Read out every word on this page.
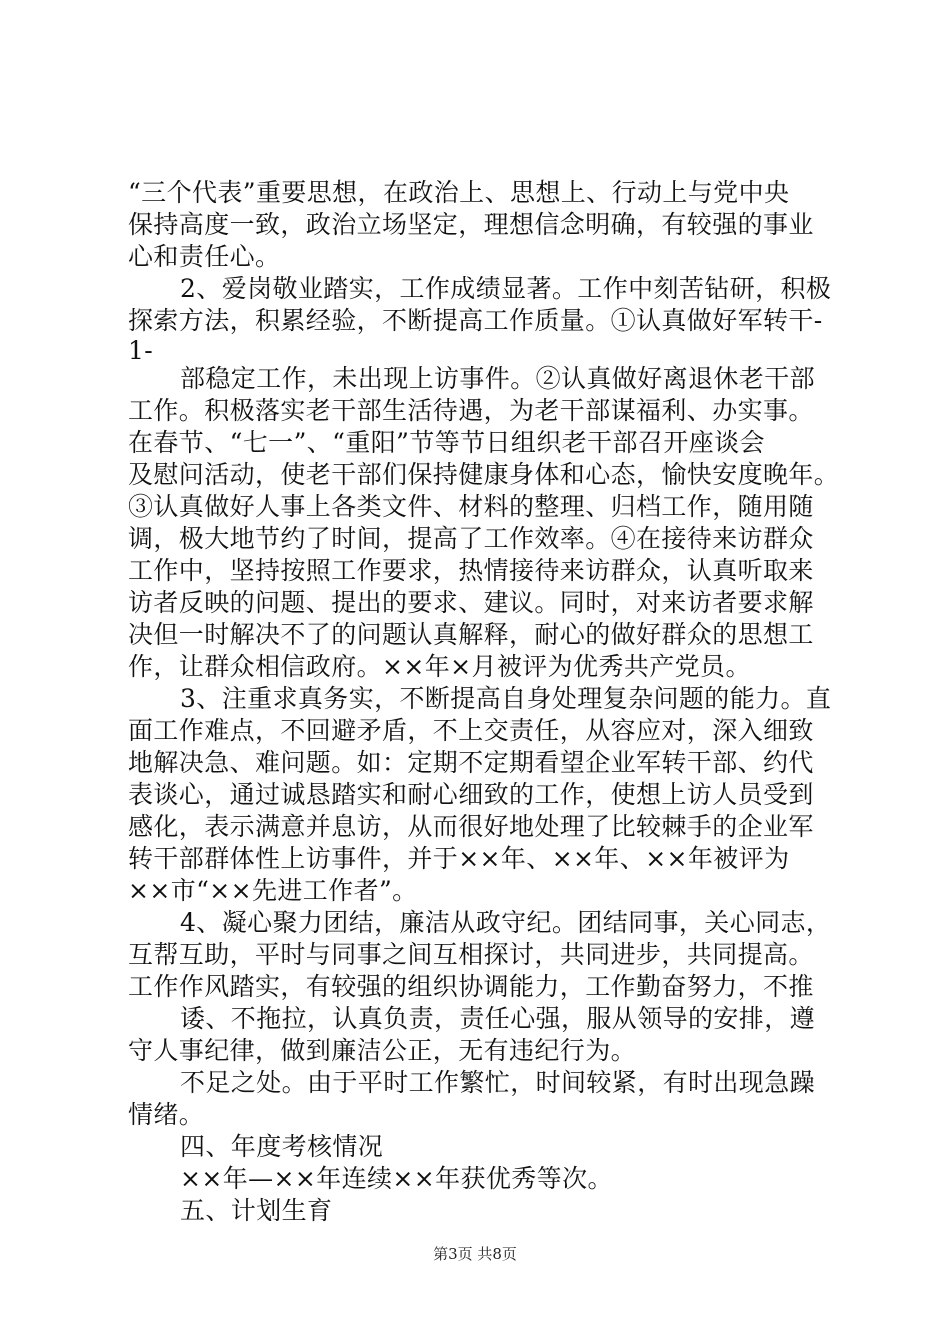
“三个代表”重要思想，在政治上、思想上、行动上与党中央
保持高度一致，政治立场坚定，理想信念明确，有较强的事业
心和责任心。
2、爱岗敬业踏实，工作成绩显著。工作中刻苦钻研，积极
探索方法，积累经验，不断提高工作质量。①认真做好军转干-
1-
部稳定工作，未出现上访事件。②认真做好离退休老干部
工作。积极落实老干部生活待遇，为老干部谋福利、办实事。
在春节、“七一”、“重阳”节等节日组织老干部召开座谈会
及慰问活动，使老干部们保持健康身体和心态，愉快安度晚年。
③认真做好人事上各类文件、材料的整理、归档工作，随用随
调，极大地节约了时间，提高了工作效率。④在接待来访群众
工作中，坚持按照工作要求，热情接待来访群众，认真听取来
访者反映的问题、提出的要求、建议。同时，对来访者要求解
决但一时解决不了的问题认真解释，耐心的做好群众的思想工
作，让群众相信政府。××年×月被评为优秀共产党员。
3、注重求真务实，不断提高自身处理复杂问题的能力。直
面工作难点，不回避矛盾，不上交责任，从容应对，深入细致
地解决急、难问题。如：定期不定期看望企业军转干部、约代
表谈心，通过诚恳踏实和耐心细致的工作，使想上访人员受到
感化，表示满意并息访，从而很好地处理了比较棘手的企业军
转干部群体性上访事件，并于××年、××年、××年被评为
××市“××先进工作者”。
4、凝心聚力团结，廉洁从政守纪。团结同事，关心同志，
互帮互助，平时与同事之间互相探讨，共同进步，共同提高。
工作作风踏实，有较强的组织协调能力，工作勤奋努力，不推
诿、不拖拉，认真负责，责任心强，服从领导的安排，遵
守人事纪律，做到廉洁公正，无有违纪行为。
不足之处。由于平时工作繁忙，时间较紧，有时出现急躁
情绪。
四、年度考核情况
××年—××年连续××年获优秀等次。
五、计划生育
第3页 共8页
